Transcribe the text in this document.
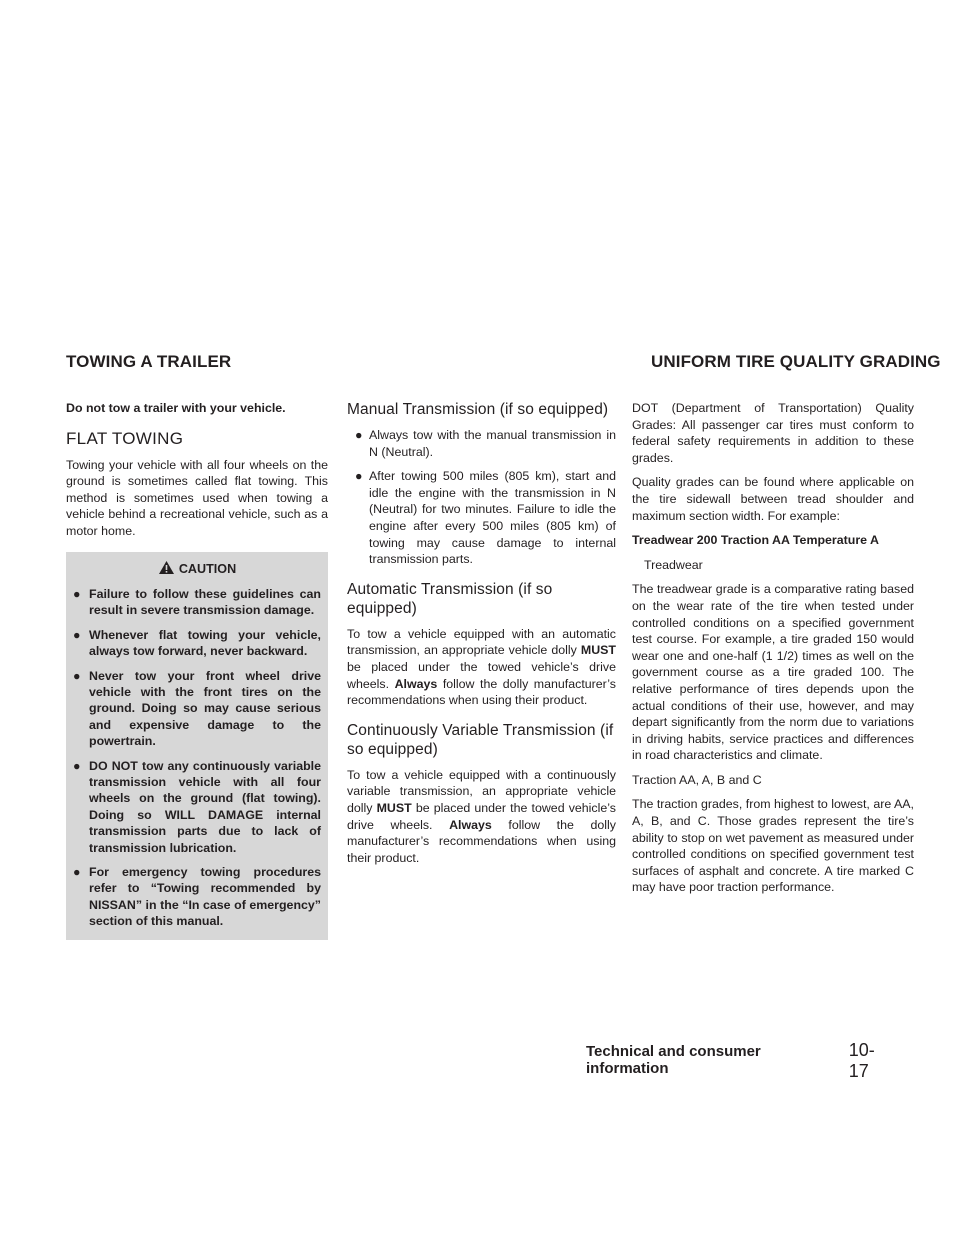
TOWING A TRAILER	UNIFORM TIRE QUALITY GRADING

Do not tow a trailer with your vehicle.

FLAT TOWING

Towing your vehicle with all four wheels on the ground is sometimes called flat towing. This method is sometimes used when towing a vehicle behind a recreational vehicle, such as a motor home.

CAUTION
● Failure to follow these guidelines can result in severe transmission damage.
● Whenever flat towing your vehicle, always tow forward, never backward.
● Never tow your front wheel drive vehicle with the front tires on the ground. Doing so may cause serious and expensive damage to the powertrain.
● DO NOT tow any continuously variable transmission vehicle with all four wheels on the ground (flat towing). Doing so WILL DAMAGE internal transmission parts due to lack of transmission lubrication.
● For emergency towing procedures refer to “Towing recommended by NISSAN” in the “In case of emergency” section of this manual.
Manual Transmission (if so equipped)
● Always tow with the manual transmission in N (Neutral).
● After towing 500 miles (805 km), start and idle the engine with the transmission in N (Neutral) for two minutes. Failure to idle the engine after every 500 miles (805 km) of towing may cause damage to internal transmission parts.
Automatic Transmission (if so equipped)

To tow a vehicle equipped with an automatic transmission, an appropriate vehicle dolly MUST be placed under the towed vehicle’s drive wheels. Always follow the dolly manufacturer’s recommendations when using their product.

Continuously Variable Transmission (if so equipped)

To tow a vehicle equipped with a continuously variable transmission, an appropriate vehicle dolly MUST be placed under the towed vehicle’s drive wheels. Always follow the dolly manufacturer’s recommendations when using their product.

DOT (Department of Transportation) Quality Grades: All passenger car tires must conform to federal safety requirements in addition to these grades.

Quality grades can be found where applicable on the tire sidewall between tread shoulder and maximum section width. For example:

Treadwear 200 Traction AA Temperature A

Treadwear

The treadwear grade is a comparative rating based on the wear rate of the tire when tested under controlled conditions on a specified government test course. For example, a tire graded 150 would wear one and one-half (1 1/2) times as well on the government course as a tire graded 100. The relative performance of tires depends upon the actual conditions of their use, however, and may depart significantly from the norm due to variations in driving habits, service practices and differences in road characteristics and climate.

Traction AA, A, B and C

The traction grades, from highest to lowest, are AA, A, B, and C. Those grades represent the tire’s ability to stop on wet pavement as measured under controlled conditions on specified government test surfaces of asphalt and concrete. A tire marked C may have poor traction performance.

Technical and consumer information
10-17
